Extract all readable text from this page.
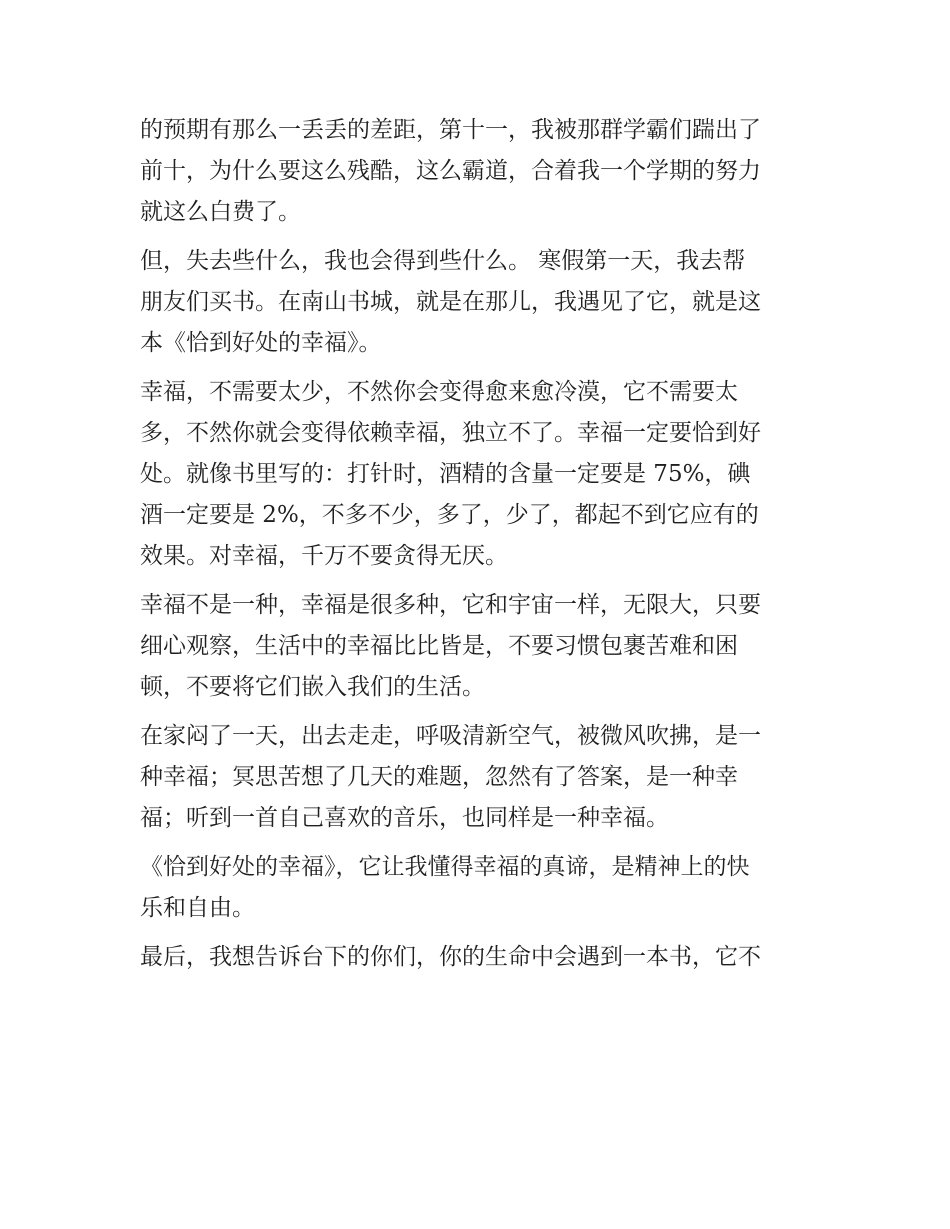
的预期有那么一丢丢的差距，第十一，我被那群学霸们踹出了
前十，为什么要这么残酷，这么霸道，合着我一个学期的努力
就这么白费了。
但，失去些什么，我也会得到些什么。 寒假第一天，我去帮
朋友们买书。在南山书城，就是在那儿，我遇见了它，就是这
本《恰到好处的幸福》。
幸福，不需要太少，不然你会变得愈来愈冷漠，它不需要太
多，不然你就会变得依赖幸福，独立不了。幸福一定要恰到好
处。就像书里写的：打针时，酒精的含量一定要是 75%，碘
酒一定要是 2%，不多不少，多了，少了，都起不到它应有的
效果。对幸福，千万不要贪得无厌。
幸福不是一种，幸福是很多种，它和宇宙一样，无限大，只要
细心观察，生活中的幸福比比皆是，不要习惯包裹苦难和困
顿，不要将它们嵌入我们的生活。
在家闷了一天，出去走走，呼吸清新空气，被微风吹拂，是一
种幸福；冥思苦想了几天的难题，忽然有了答案，是一种幸
福；听到一首自己喜欢的音乐，也同样是一种幸福。
《恰到好处的幸福》，它让我懂得幸福的真谛，是精神上的快
乐和自由。
最后，我想告诉台下的你们，你的生命中会遇到一本书，它不
